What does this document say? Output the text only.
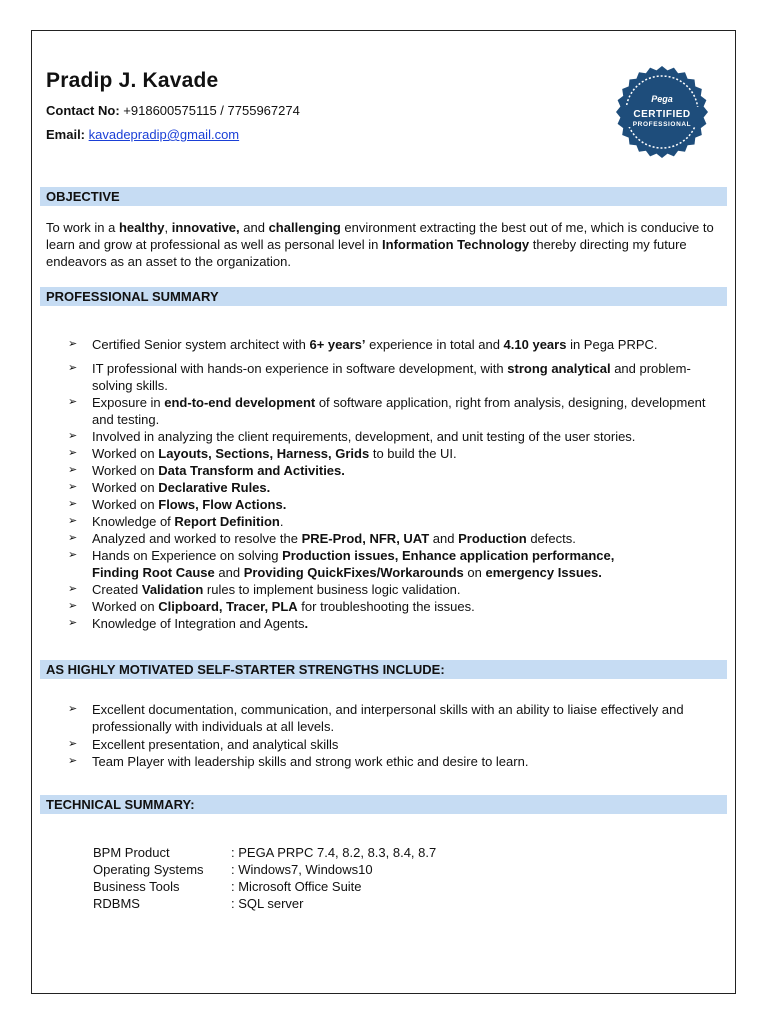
Pradip J. Kavade
Contact No: +918600575115 / 7755967274
Email: kavadepradip@gmail.com
Pega
CERTIFIED
PROFESSIONAL
OBJECTIVE
To work in a healthy, innovative, and challenging environment extracting the best out of me, which is conducive to learn and grow at professional as well as personal level in Information Technology thereby directing my future endeavors as an asset to the organization.
PROFESSIONAL SUMMARY
➢ Certified Senior system architect with 6+ years’ experience in total and 4.10 years in Pega PRPC.
➢ IT professional with hands-on experience in software development, with strong analytical and problem-solving skills.
➢ Exposure in end-to-end development of software application, right from analysis, designing, development and testing.
➢ Involved in analyzing the client requirements, development, and unit testing of the user stories.
➢ Worked on Layouts, Sections, Harness, Grids to build the UI.
➢ Worked on Data Transform and Activities.
➢ Worked on Declarative Rules.
➢ Worked on Flows, Flow Actions.
➢ Knowledge of Report Definition.
➢ Analyzed and worked to resolve the PRE-Prod, NFR, UAT and Production defects.
➢ Hands on Experience on solving Production issues, Enhance application performance,
Finding Root Cause and Providing QuickFixes/Workarounds on emergency Issues.
➢ Created Validation rules to implement business logic validation.
➢ Worked on Clipboard, Tracer, PLA for troubleshooting the issues.
➢ Knowledge of Integration and Agents.
AS HIGHLY MOTIVATED SELF-STARTER STRENGTHS INCLUDE:
➢ Excellent documentation, communication, and interpersonal skills with an ability to liaise effectively and professionally with individuals at all levels.
➢ Excellent presentation, and analytical skills
➢ Team Player with leadership skills and strong work ethic and desire to learn.
TECHNICAL SUMMARY:
BPM Product	: PEGA PRPC 7.4, 8.2, 8.3, 8.4, 8.7
Operating Systems	: Windows7, Windows10
Business Tools	: Microsoft Office Suite
RDBMS	: SQL server
